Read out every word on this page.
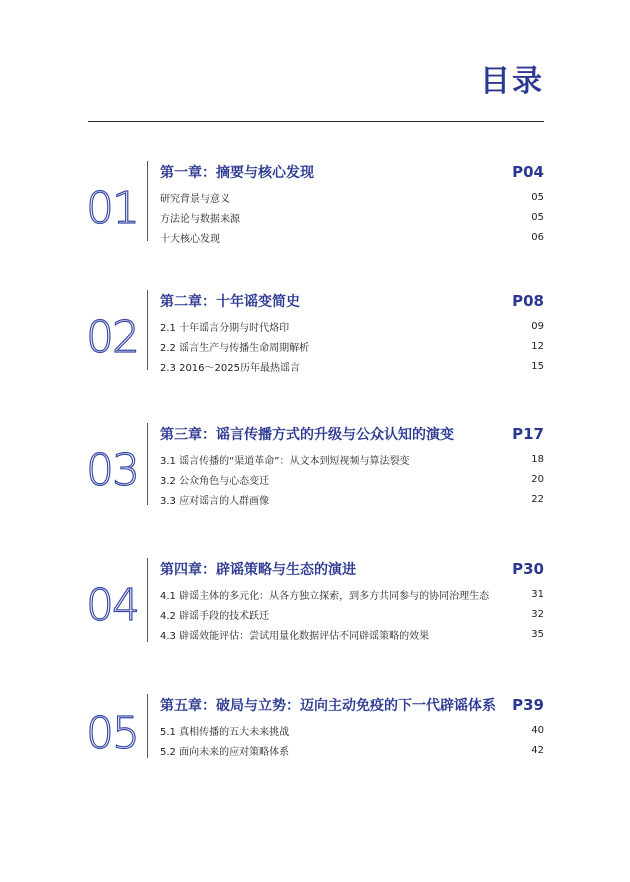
目录
01
第一章：摘要与核心发现	P04
研究背景与意义	05
方法论与数据来源	05
十大核心发现	06
02
第二章：十年谣变简史	P08
2.1 十年谣言分期与时代烙印	09
2.2 谣言生产与传播生命周期解析	12
2.3 2016～2025历年最热谣言	15
03
第三章：谣言传播方式的升级与公众认知的演变	P17
3.1 谣言传播的“渠道革命”：从文本到短视频与算法裂变	18
3.2 公众角色与心态变迁	20
3.3 应对谣言的人群画像	22
04
第四章：辟谣策略与生态的演进	P30
4.1 辟谣主体的多元化：从各方独立探索，到多方共同参与的协同治理生态	31
4.2 辟谣手段的技术跃迁	32
4.3 辟谣效能评估：尝试用量化数据评估不同辟谣策略的效果	35
05
第五章：破局与立势：迈向主动免疫的下一代辟谣体系 P39
5.1 真相传播的五大未来挑战	40
5.2 面向未来的应对策略体系	42
